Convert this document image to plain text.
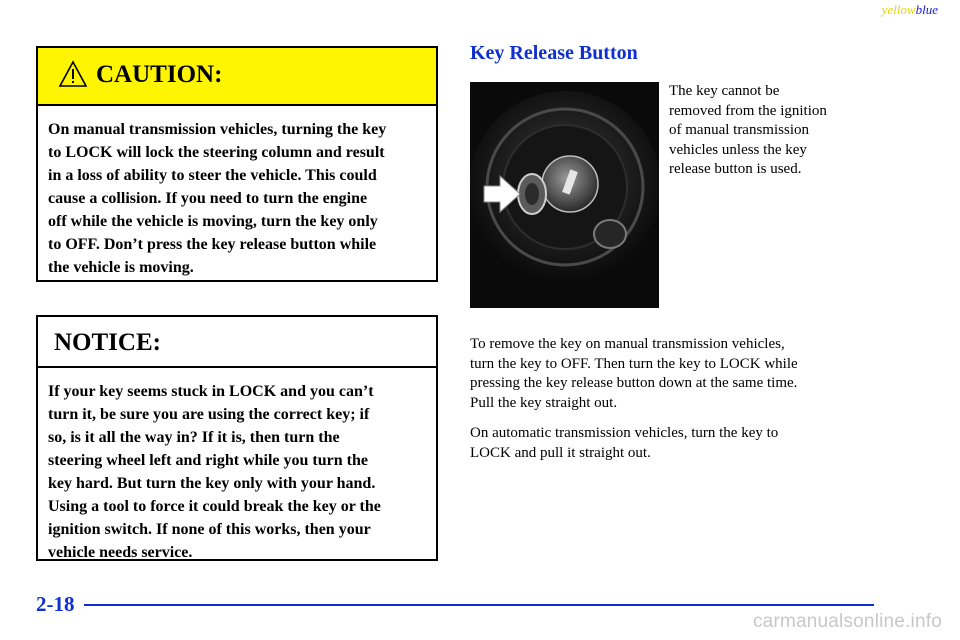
yellowblue
CAUTION:
On manual transmission vehicles, turning the key
to LOCK will lock the steering column and result
in a loss of ability to steer the vehicle. This could
cause a collision. If you need to turn the engine
off while the vehicle is moving, turn the key only
to OFF. Don’t press the key release button while
the vehicle is moving.
NOTICE:
If your key seems stuck in LOCK and you can’t
turn it, be sure you are using the correct key; if
so, is it all the way in? If it is, then turn the
steering wheel left and right while you turn the
key hard. But turn the key only with your hand.
Using a tool to force it could break the key or the
ignition switch. If none of this works, then your
vehicle needs service.
Key Release Button
The key cannot be
removed from the ignition
of manual transmission
vehicles unless the key
release button is used.
To remove the key on manual transmission vehicles,
turn the key to OFF. Then turn the key to LOCK while
pressing the key release button down at the same time.
Pull the key straight out.
On automatic transmission vehicles, turn the key to
LOCK and pull it straight out.
2-18
carmanualsonline.info
